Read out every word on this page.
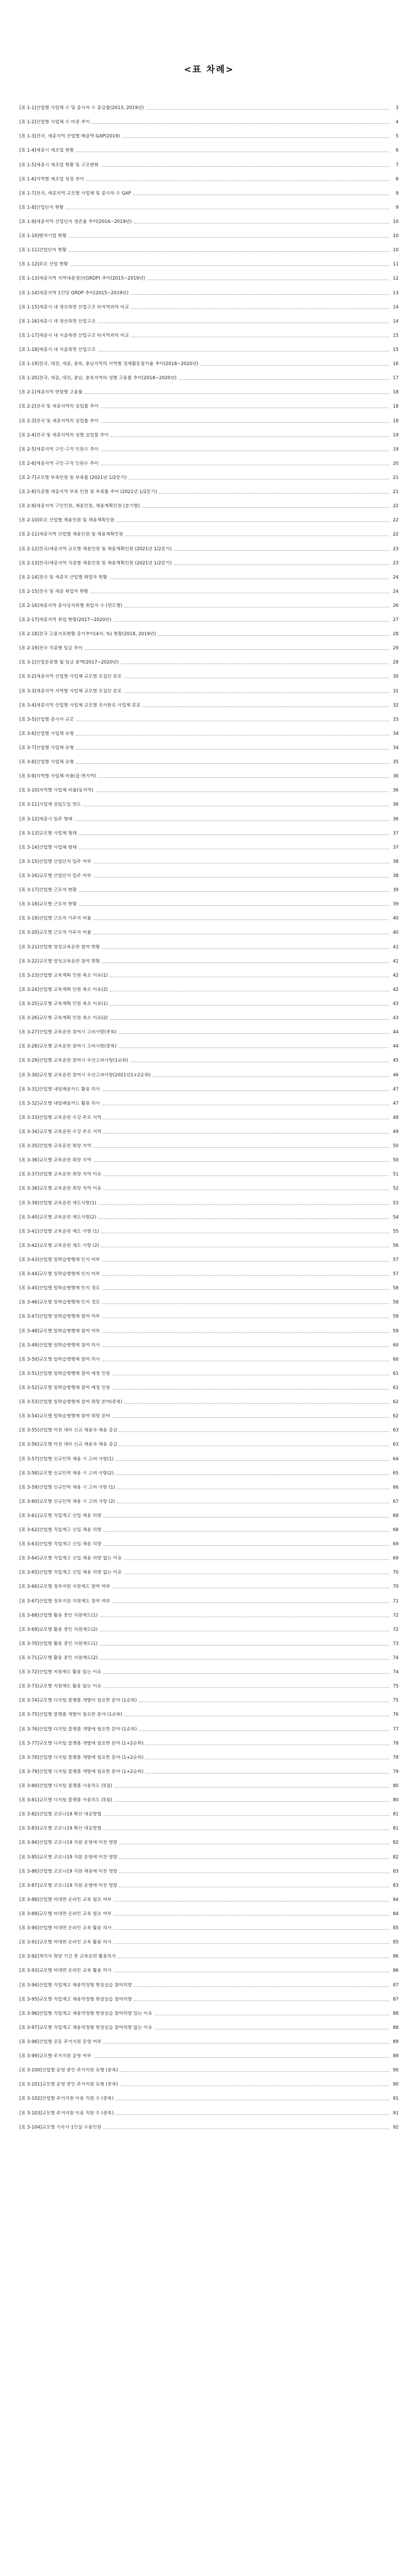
<표 차례>
[표 1-1]산업별 사업체 수 및 종사자 수 증감률(2013, 2019년)	3
[표 1-2]산업별 사업체 수 비중 추이	4
[표 1-3]전국, 세종지역 산업별 매출액 GAP(2019)	5
[표 1-4]세종시 제조업 현황	6
[표 1-5]세종시 제조업 현황 및 구조변화	7
[표 1-6]지역별 제조업 성장 추이	8
[표 1-7]전국, 세종지역 규모별 사업체 및 종사자 수 GAP	9
[표 1-8]산업단지 현황	9
[표 1-9]세종지역 산업단지 생존율 추이(2016~2019년)	10
[표 1-10]벤처기업 현황	10
[표 1-11]산업단지 현황	10
[표 1-12]주요 산업 현황	11
[표 1-13]세종지역 지역내총생산(GRDP) 추이(2015~2019년)	12
[표 1-14]세종지역 1인당 GRDP 추이(2015~2019년)	13
[표 1-15]세종시 내 생산측면 산업구조 타지역과의 비교	14
[표 1-16]세종시 내 생산측면 산업구조	14
[표 1-17]세종시 내 지출측면 산업구조 타지역과의 비교	15
[표 1-18]세종시 내 지출측면 산업구조	15
[표 1-19]전국, 대전, 세종, 충북, 충남지역의 지역별 경제활동참가율 추이(2018~2020년)	16
[표 1-20]전국, 세종, 대전, 충남, 충북지역의 성별 고용률 추이(2018~2020년)	17
[표 2-1]세종지역 연령별 고용률	18
[표 2-2]전국 및 세종지역의 실업률 추이	18
[표 2-3]전국 및 세종지역의 실업률 추이	18
[표 2-4]전국 및 세종지역의 성별 실업률 추이	19
[표 2-5]세종지역 구인·구직 인원수 추이	19
[표 2-6]세종지역 구인·구직 인원수 추이	20
[표 2-7]규모별 부족인원 및 부족률 (2021년 1/2분기)	21
[표 2-8]직종별 세종지역 부족 인원 및 부족률 추이 (2021년 1/2분기)	21
[표 2-9]세종지역 구인인원, 채용인원, 채용계획인원 (분기별)	22
[표 2-10]주요 산업별 채용인원 및 채용계획인원	22
[표 2-11]세종지역 산업별 채용인원 및 채용계획인원	22
[표 2-12]전국/세종지역 규모별 채용인원 및 채용계획인원 (2021년 1/2분기)	23
[표 2-13]전국/세종지역 직종별 채용인원 및 채용계획인원 (2021년 1/2분기)	23
[표 2-14]전국 및 세종지 산업별 취업자 현황	24
[표 2-15]전국 및 세종 취업자 현황	24
[표 2-16]세종지역 종사상지위별 취업자 수 (연도별)	26
[표 2-17]세종지역 취업 현황(2017~2020년)	27
[표 2-18]전국 고용지표현황 증가추이(4차, %) 현황(2018, 2019년)	28
[표 2-19]전국 직종별 임금 추이	29
[표 3-1]산업분류별 월 임금 총액(2017~2020년)	29
[표 3-2]세종지역 산업별 사업체 규모별 모집단 분포	30
[표 3-3]세종지역 지역별 사업체 규모별 모집단 분포	31
[표 3-4]세종지역 산업별 사업체 규모별 조사완료 사업체 분포	32
[표 3-5]산업별 종사자 규모	33
[표 3-6]산업별 사업체 유형	34
[표 3-7]산업별 사업체 유형	34
[표 3-8]산업별 사업체 유형	35
[표 3-9]지역별 사업체 비율(읍·면지역)	36
[표 3-10]지역별 사업체 비율(동지역)	36
[표 3-11]사업체 설립도입 연도	36
[표 3-12]세종시 입주 형태	36
[표 3-13]규모별 사업체 형태	37
[표 3-14]산업별 사업체 형태	37
[표 3-15]산업별 산업단지 입주 여부	38
[표 3-16]규모별 산업단지 입주 여부	38
[표 3-17]산업별 근로자 현황	39
[표 3-18]규모별 근로자 현황	39
[표 3-19]산업별 근로자 거주지 비율	40
[표 3-20]규모별 근로자 거주지 비율	40
[표 3-21]산업별 양성교육훈련 참여 현황	41
[표 3-22]규모별 양성교육훈련 참여 현황	41
[표 3-23]산업별 교육계획 인원 축소 이유(1)	42
[표 3-24]산업별 교육계획 인원 축소 이유(2)	42
[표 3-25]규모별 교육계획 인원 축소 이유(1)	43
[표 3-26]규모별 교육계획 인원 축소 이유(2)	43
[표 3-27]산업별 교육훈련 참여시 고려사항(중복)	44
[표 3-28]규모별 교육훈련 참여시 고려사항(중복)	44
[표 3-29]산업별 교육훈련 참여시 우선고려사항(1순위)	45
[표 3-30]규모별 교육훈련 참여시 우선고려사항(2021년1+2순위)	46
[표 3-31]산업별 내일배움카드 활용 의사	47
[표 3-32]규모별 내일배움카드 활용 의사	47
[표 3-33]산업별 교육훈련 수강 주요 지역	48
[표 3-34]규모별 교육훈련 수강 주요 지역	49
[표 3-35]산업별 교육훈련 희망 지역	50
[표 3-36]규모별 교육훈련 희망 지역	50
[표 3-37]산업별 교육훈련 희망 지역 이유	51
[표 3-38]규모별 교육훈련 희망 지역 이유	52
[표 3-39]산업별 교육훈련 제도사항(1)	53
[표 3-40]규모별 교육훈련 제도사항(2)	54
[표 3-41]산업별 교육훈련 제도 사항 (1)	55
[표 3-42]규모별 교육훈련 제도 사항 (2)	56
[표 3-43]산업별 일학습병행제 인지 여부	57
[표 3-44]규모별 일학습병행제 인지 여부	57
[표 3-45]산업별 일학습병행제 인지 경로	58
[표 3-46]규모별 일학습병행제 인지 경로	58
[표 3-47]산업별 일학습병행제 참여 여부	59
[표 3-48]규모별 일학습병행제 참여 여부	59
[표 3-49]산업별 일학습병행제 참여 의사	60
[표 3-50]규모별 일학습병행제 참여 의사	60
[표 3-51]산업별 일학습병행제 참여 예정 인원	61
[표 3-52]규모별 일학습병행제 참여 예정 인원	61
[표 3-53]산업별 일학습병행제 참여 희망 분야(중복)	62
[표 3-54]규모별 일학습병행제 참여 희망 분야	62
[표 3-55]산업별 미전 대비 신규 채용자 채용 증감	63
[표 3-56]규모별 미전 대비 신규 채용자 채용 증감	63
[표 3-57]산업별 신규인력 채용 시 고려 사항(1)	64
[표 3-58]규모별 신규인력 채용 시 고려 사항(2)	65
[표 3-59]산업별 신규인력 채용 시 고려 사항 (1)	66
[표 3-60]규모별 신규인력 채용 시 고려 사항 (2)	67
[표 3-61]규모별 직업계고 신입 채용 의향	68
[표 3-62]산업별 직업계고 신입 채용 의향	68
[표 3-63]산업별 직업계고 신입 채용 의향	69
[표 3-64]규모별 직업계고 신입 채용 의향 없는 이유	69
[표 3-65]산업별 직업계고 신입 채용 의향 없는 이유	70
[표 3-66]규모별 정부지원 지원제도 참여 여부	70
[표 3-67]산업별 정부지원 지원제도 참여 여부	71
[표 3-68]산업별 활용 중인 지원제도(1)	72
[표 3-69]규모별 활용 중인 지원제도(2)	72
[표 3-70]산업별 활용 중인 지원제도(1)	73
[표 3-71]규모별 활용 중인 지원제도(2)	74
[표 3-72]산업별 지원제도 활용 않는 이유	74
[표 3-73]규모별 지원제도 활용 않는 이유	75
[표 3-74]규모별 디지털 플랫폼 개발이 필요한 분야 (1순위)	75
[표 3-75]산업별 플랫폼 개발이 필요한 분야 (1순위)	76
[표 3-76]산업별 디지털 플랫폼 개발에 필요한 분야 (1순위)	77
[표 3-77]규모별 디지털 플랫폼 개발에 필요한 분야 (1+2순위)	78
[표 3-78]산업별 디지털 플랫폼 개발에 필요한 분야 (1+2순위)	78
[표 3-79]산업별 디지털 플랫폼 개발에 필요한 분야 (1+2순위)	79
[표 3-80]산업별 디지털 플랫폼 사용의도 (5점)	80
[표 3-81]규모별 디지털 플랫폼 사용의도 (5점)	80
[표 3-82]산업별 코로나19 확산 대응방법	81
[표 3-83]규모별 코로나19 확산 대응방법	81
[표 3-84]산업별 코로나19 직원 운영에 미친 영향	82
[표 3-85]규모별 코로나19 직원 운영에 미친 영향	82
[표 3-86]산업별 코로나19 직원 채용에 미친 영향	83
[표 3-87]규모별 코로나19 직원 운영에 미친 영향	83
[표 3-88]산업별 비대면 온라인 교육 필요 여부	84
[표 3-89]규모별 비대면 온라인 교육 필요 여부	84
[표 3-90]산업별 비대면 온라인 교육 활용 의사	85
[표 3-91]규모별 비대면 온라인 교육 활용 의사	85
[표 3-92]재직자 희망 기간 중 교육훈련 활용의사	86
[표 3-93]규모별 비대면 온라인 교육 활용 의사	86
[표 3-94]산업별 직업계고 채용약정형 현장실습 참여의향	87
[표 3-95]규모별 직업계고 채용약정형 현장실습 참여의향	87
[표 3-96]산업별 직업계고 채용약정형 현장실습 참여의향 있는 이유	88
[표 3-97]규모별 직업계고 채용약정형 현장실습 참여의향 없는 이유	88
[표 3-98]산업별 공동 주거지원 운영 여부	89
[표 3-99]규모별 주거지원 운영 여부	89
[표 3-100]산업별 운영 중인 주거지원 유형 (중복)	90
[표 3-101]규모별 운영 중인 주거지원 유형 (중복)	90
[표 3-102]산업별 주거지원 이용 직원 수 (중복)	91
[표 3-103]규모별 주거지원 이용 직원 수 (중복)	91
[표 3-104]규모별 기숙사 1인실 수용인원	92
